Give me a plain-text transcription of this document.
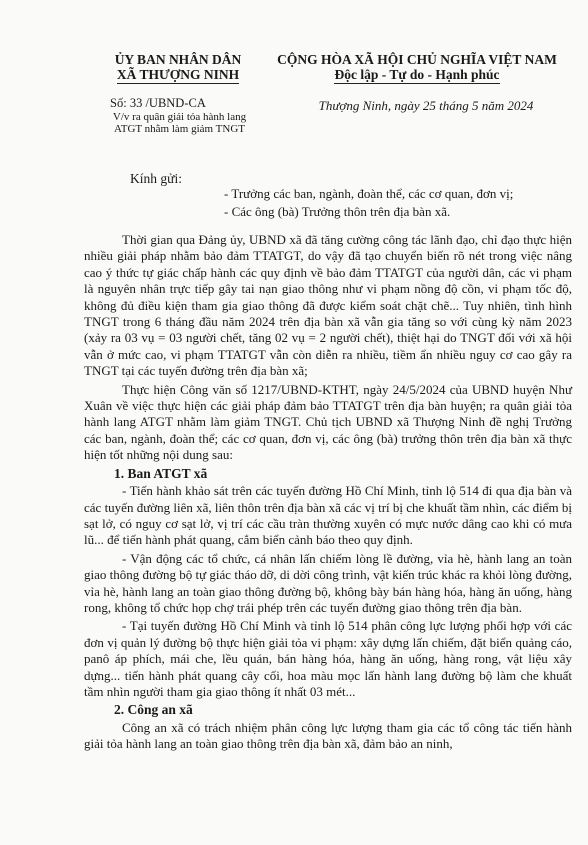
ỦY BAN NHÂN DÂN
XÃ THƯỢNG NINH
CỘNG HÒA XÃ HỘI CHỦ NGHĨA VIỆT NAM
Độc lập - Tự do - Hạnh phúc
Số: 33 /UBND-CA
V/v ra quân giải tỏa hành lang
ATGT nhằm làm giảm TNGT
Thượng Ninh, ngày 25 tháng 5 năm 2024
Kính gửi:
- Trưởng các ban, ngành, đoàn thể, các cơ quan, đơn vị;
- Các ông (bà) Trưởng thôn trên địa bàn xã.

Thời gian qua Đảng ủy, UBND xã đã tăng cường công tác lãnh đạo, chỉ đạo thực hiện nhiều giải pháp nhằm bảo đảm TTATGT, do vậy đã tạo chuyển biến rõ nét trong việc nâng cao ý thức tự giác chấp hành các quy định về bảo đảm TTATGT của người dân, các vi phạm là nguyên nhân trực tiếp gây tai nạn giao thông như vi phạm nồng độ cồn, vi phạm tốc độ, không đủ điều kiện tham gia giao thông đã được kiểm soát chặt chẽ... Tuy nhiên, tình hình TNGT trong 6 tháng đầu năm 2024 trên địa bàn xã vẫn gia tăng so với cùng kỳ năm 2023 (xảy ra 03 vụ = 03 người chết, tăng 02 vụ = 2 người chết), thiệt hại do TNGT đối với xã hội vẫn ở mức cao, vi phạm TTATGT vẫn còn diễn ra nhiều, tiềm ẩn nhiều nguy cơ cao gây ra TNGT tại các tuyến đường trên địa bàn xã;

Thực hiện Công văn số 1217/UBND-KTHT, ngày 24/5/2024 của UBND huyện Như Xuân về việc thực hiện các giải pháp đảm bảo TTATGT trên địa bàn huyện; ra quân giải tỏa hành lang ATGT nhằm làm giảm TNGT. Chủ tịch UBND xã Thượng Ninh đề nghị Trưởng các ban, ngành, đoàn thể; các cơ quan, đơn vị, các ông (bà) trưởng thôn trên địa bàn xã thực hiện tốt những nội dung sau:

1. Ban ATGT xã

- Tiến hành khảo sát trên các tuyến đường Hồ Chí Minh, tỉnh lộ 514 đi qua địa bàn và các tuyến đường liên xã, liên thôn trên địa bàn xã các vị trí bị che khuất tầm nhìn, các điểm bị sạt lở, có nguy cơ sạt lở, vị trí các cầu tràn thường xuyên có mực nước dâng cao khi có mưa lũ... để tiến hành phát quang, cắm biển cảnh báo theo quy định.

- Vận động các tổ chức, cá nhân lấn chiếm lòng lề đường, vỉa hè, hành lang an toàn giao thông đường bộ tự giác tháo dỡ, di dời công trình, vật kiến trúc khác ra khỏi lòng đường, vỉa hè, hành lang an toàn giao thông đường bộ, không bày bán hàng hóa, hàng ăn uống, hàng rong, không tổ chức họp chợ trái phép trên các tuyến đường giao thông trên địa bàn.

- Tại tuyến đường Hồ Chí Minh và tỉnh lộ 514 phân công lực lượng phối hợp với các đơn vị quản lý đường bộ thực hiện giải tỏa vi phạm: xây dựng lấn chiếm, đặt biển quảng cáo, panô áp phích, mái che, lều quán, bán hàng hóa, hàng ăn uống, hàng rong, vật liệu xây dựng... tiến hành phát quang cây cối, hoa màu mọc lấn hành lang đường bộ làm che khuất tầm nhìn người tham gia giao thông ít nhất 03 mét...

2. Công an xã

Công an xã có trách nhiệm phân công lực lượng tham gia các tổ công tác tiến hành giải tỏa hành lang an toàn giao thông trên địa bàn xã, đảm bảo an ninh,
